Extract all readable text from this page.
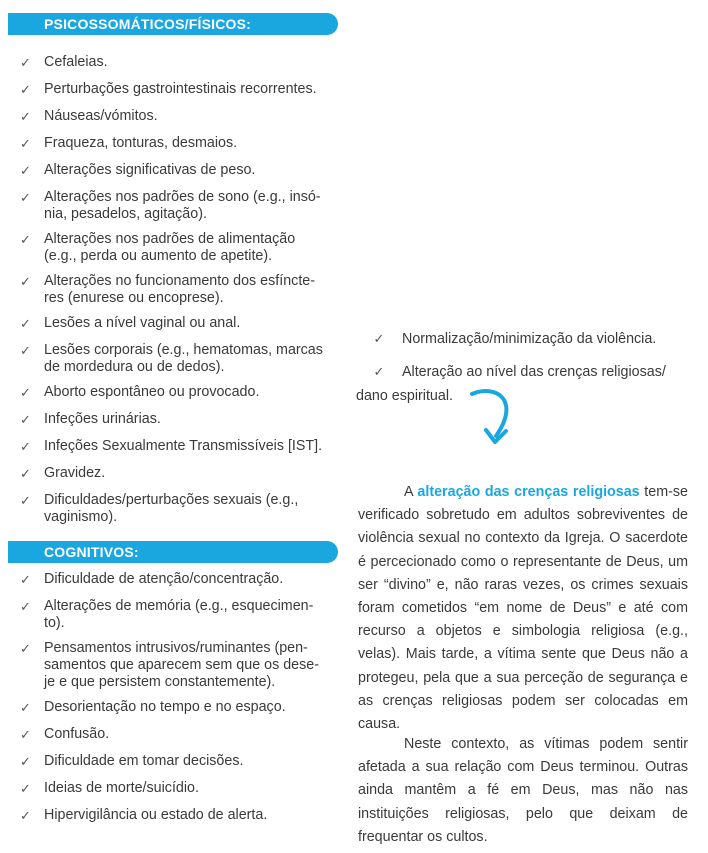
PSICOSSOMÁTICOS/FÍSICOS:
✓ Cefaleias.
✓ Perturbações gastrointestinais recorrentes.
✓ Náuseas/vómitos.
✓ Fraqueza, tonturas, desmaios.
✓ Alterações significativas de peso.
✓ Alterações nos padrões de sono (e.g., insó-
nia, pesadelos, agitação).
✓ Alterações nos padrões de alimentação
(e.g., perda ou aumento de apetite).
✓ Alterações no funcionamento dos esfíncte-
res (enurese ou encoprese).
✓ Lesões a nível vaginal ou anal.
✓ Lesões corporais (e.g., hematomas, marcas
de mordedura ou de dedos).
✓ Aborto espontâneo ou provocado.
✓ Infeções urinárias.
✓ Infeções Sexualmente Transmissíveis [IST].
✓ Gravidez.
✓ Dificuldades/perturbações sexuais (e.g.,
vaginismo).
COGNITIVOS:
✓ Dificuldade de atenção/concentração.
✓ Alterações de memória (e.g., esquecimen-
to).
✓ Pensamentos intrusivos/ruminantes (pen-
samentos que aparecem sem que os dese-
je e que persistem constantemente).
✓ Desorientação no tempo e no espaço.
✓ Confusão.
✓ Dificuldade em tomar decisões.
✓ Ideias de morte/suicídio.
✓ Hipervigilância ou estado de alerta.
✓ Normalização/minimização da violência.
✓ Alteração ao nível das crenças religiosas/
dano espiritual.

A alteração das crenças religiosas tem-se verificado sobretudo em adultos sobreviventes de violência sexual no contexto da Igreja. O sacerdote é percecionado como o representante de Deus, um ser “divino” e, não raras vezes, os crimes sexuais foram cometidos “em nome de Deus” e até com recurso a objetos e simbologia religiosa (e.g., velas). Mais tarde, a vítima sente que Deus não a protegeu, pela que a sua perceção de segurança e as crenças religiosas podem ser colocadas em causa.

Neste contexto, as vítimas podem sentir afetada a sua relação com Deus terminou. Outras ainda mantêm a fé em Deus, mas não nas instituições religiosas, pelo que deixam de frequentar os cultos.
